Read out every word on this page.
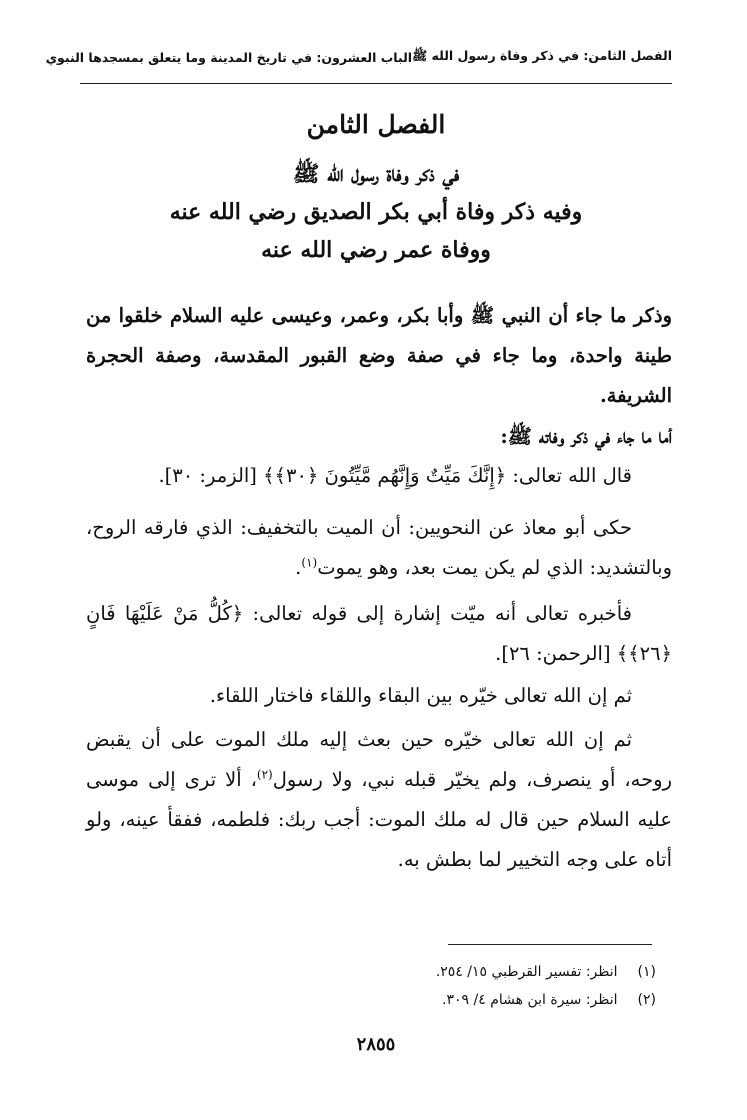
الفصل الثامن: في ذكر وفاة رسول الله ﷺ
الباب العشرون: في تاريخ المدينة وما يتعلق بمسجدها النبوي
الفصل الثامن
في ذكر وفاة رسول الله ﷺ
وفيه ذكر وفاة أبي بكر الصديق رضي الله عنه
ووفاة عمر رضي الله عنه
وذكر ما جاء أن النبي ﷺ وأبا بكر، وعمر، وعيسى عليه السلام خلقوا من طينة واحدة، وما جاء في صفة وضع القبور المقدسة، وصفة الحجرة الشريفة.
أما ما جاء في ذكر وفاته ﷺ:
قال الله تعالى: ﴿إِنَّكَ مَيِّتٌ وَإِنَّهُم مَّيِّتُونَ ﴿٣٠﴾﴾ [الزمر: ٣٠].
حكى أبو معاذ عن النحويين: أن الميت بالتخفيف: الذي فارقه الروح، وبالتشديد: الذي لم يكن يمت بعد، وهو يموت$^{(١)}$.
فأخبره تعالى أنه ميّت إشارة إلى قوله تعالى: ﴿كُلُّ مَنْ عَلَيْهَا فَانٍ ﴿٢٦﴾﴾ [الرحمن: ٢٦].
ثم إن الله تعالى خيّره بين البقاء واللقاء فاختار اللقاء.
ثم إن الله تعالى خيّره حين بعث إليه ملك الموت على أن يقبض روحه، أو ينصرف، ولم يخيّر قبله نبي، ولا رسول$^{(٢)}$، ألا ترى إلى موسى عليه السلام حين قال له ملك الموت: أجب ربك: فلطمه، ففقأ عينه، ولو أتاه على وجه التخيير لما بطش به.
(١) انظر: تفسير القرطبي ١٥/ ٢٥٤.
(٢) انظر: سيرة ابن هشام ٤/ ٣٠٩.
٢٨٥٥
